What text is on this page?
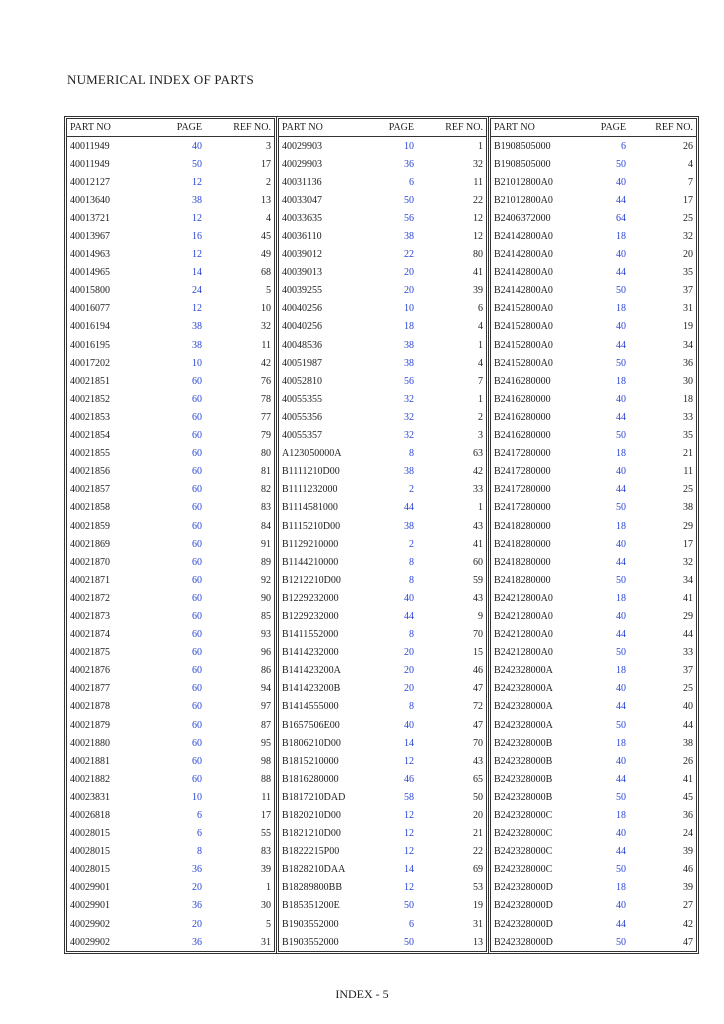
NUMERICAL INDEX OF PARTS
PART NO	PAGE	REF NO.
40011949	40	3
40011949	50	17
40012127	12	2
40013640	38	13
40013721	12	4
40013967	16	45
40014963	12	49
40014965	14	68
40015800	24	5
40016077	12	10
40016194	38	32
40016195	38	11
40017202	10	42
40021851	60	76
40021852	60	78
40021853	60	77
40021854	60	79
40021855	60	80
40021856	60	81
40021857	60	82
40021858	60	83
40021859	60	84
40021869	60	91
40021870	60	89
40021871	60	92
40021872	60	90
40021873	60	85
40021874	60	93
40021875	60	96
40021876	60	86
40021877	60	94
40021878	60	97
40021879	60	87
40021880	60	95
40021881	60	98
40021882	60	88
40023831	10	11
40026818	6	17
40028015	6	55
40028015	8	83
40028015	36	39
40029901	20	1
40029901	36	30
40029902	20	5
40029902	36	31
PART NO	PAGE	REF NO.
40029903	10	1
40029903	36	32
40031136	6	11
40033047	50	22
40033635	56	12
40036110	38	12
40039012	22	80
40039013	20	41
40039255	20	39
40040256	10	6
40040256	18	4
40048536	38	1
40051987	38	4
40052810	56	7
40055355	32	1
40055356	32	2
40055357	32	3
A123050000A	8	63
B1111210D00	38	42
B1111232000	2	33
B1114581000	44	1
B1115210D00	38	43
B1129210000	2	41
B1144210000	8	60
B1212210D00	8	59
B1229232000	40	43
B1229232000	44	9
B1411552000	8	70
B1414232000	20	15
B141423200A	20	46
B141423200B	20	47
B1414555000	8	72
B1657506E00	40	47
B1806210D00	14	70
B1815210000	12	43
B1816280000	46	65
B1817210DAD	58	50
B1820210D00	12	20
B1821210D00	12	21
B1822215P00	12	22
B1828210DAA	14	69
B18289800BB	12	53
B185351200E	50	19
B1903552000	6	31
B1903552000	50	13
PART NO	PAGE	REF NO.
B1908505000	6	26
B1908505000	50	4
B21012800A0	40	7
B21012800A0	44	17
B2406372000	64	25
B24142800A0	18	32
B24142800A0	40	20
B24142800A0	44	35
B24142800A0	50	37
B24152800A0	18	31
B24152800A0	40	19
B24152800A0	44	34
B24152800A0	50	36
B2416280000	18	30
B2416280000	40	18
B2416280000	44	33
B2416280000	50	35
B2417280000	18	21
B2417280000	40	11
B2417280000	44	25
B2417280000	50	38
B2418280000	18	29
B2418280000	40	17
B2418280000	44	32
B2418280000	50	34
B24212800A0	18	41
B24212800A0	40	29
B24212800A0	44	44
B24212800A0	50	33
B242328000A	18	37
B242328000A	40	25
B242328000A	44	40
B242328000A	50	44
B242328000B	18	38
B242328000B	40	26
B242328000B	44	41
B242328000B	50	45
B242328000C	18	36
B242328000C	40	24
B242328000C	44	39
B242328000C	50	46
B242328000D	18	39
B242328000D	40	27
B242328000D	44	42
B242328000D	50	47
INDEX - 5
